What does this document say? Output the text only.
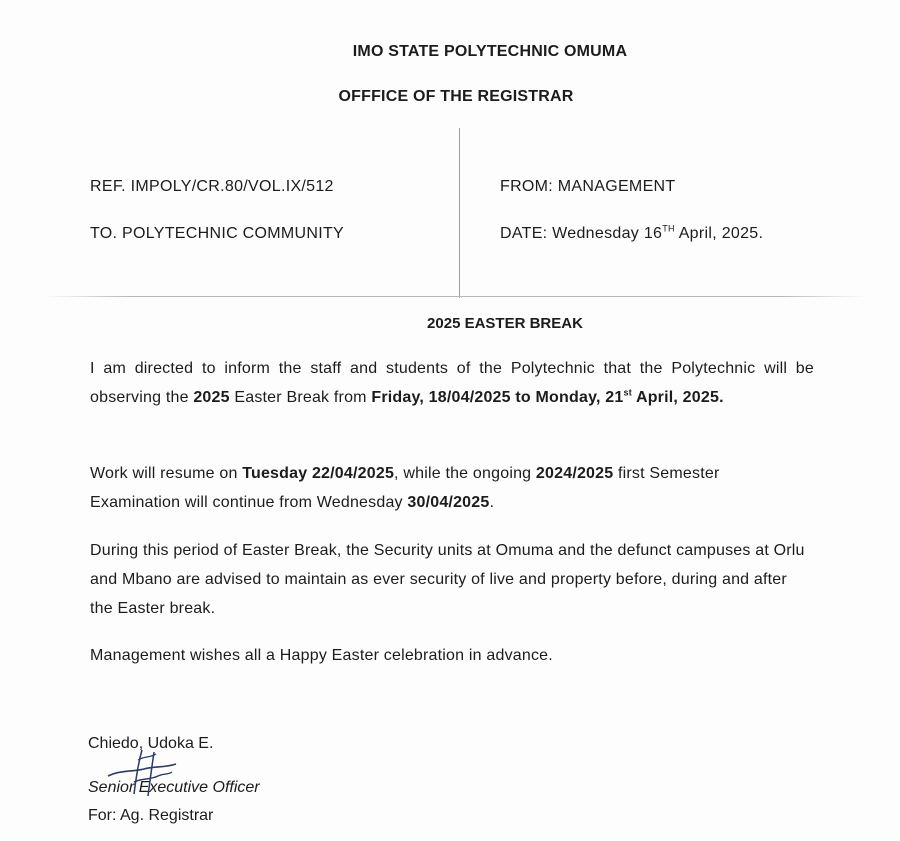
IMO STATE POLYTECHNIC OMUMA
OFFFICE OF THE REGISTRAR
REF. IMPOLY/CR.80/VOL.IX/512
TO. POLYTECHNIC COMMUNITY
FROM: MANAGEMENT
DATE: Wednesday 16TH April, 2025.
2025 EASTER BREAK
I am directed to inform the staff and students of the Polytechnic that the Polytechnic will be observing the 2025 Easter Break from Friday, 18/04/2025 to Monday, 21st April, 2025.
Work will resume on Tuesday 22/04/2025, while the ongoing 2024/2025 first Semester Examination will continue from Wednesday 30/04/2025.
During this period of Easter Break, the Security units at Omuma and the defunct campuses at Orlu and Mbano are advised to maintain as ever security of live and property before, during and after the Easter break.
Management wishes all a Happy Easter celebration in advance.
Chiedo, Udoka E.
Senior Executive Officer
For: Ag. Registrar
